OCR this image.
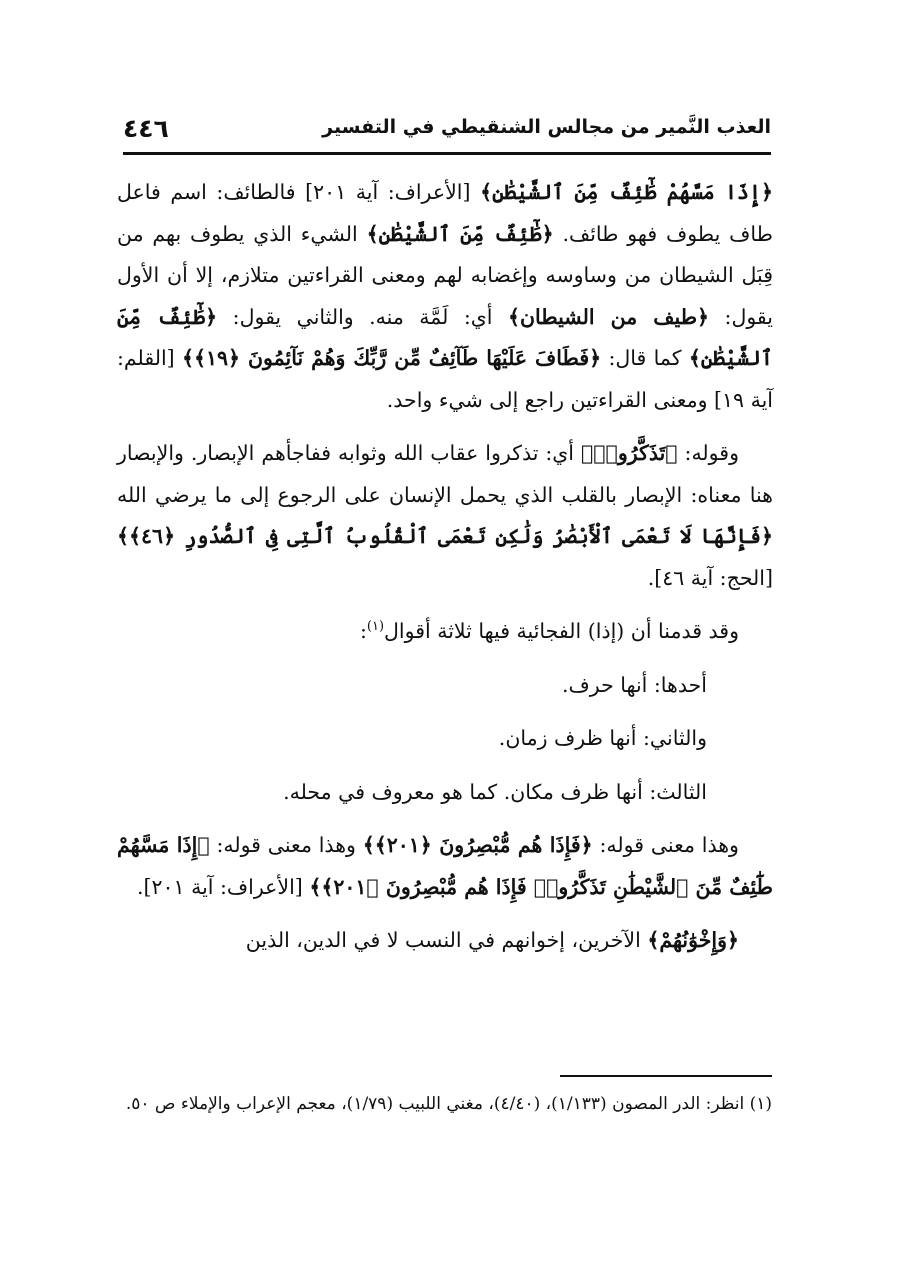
٤٤٦	العذب النَّمير من مجالس الشنقيطي في التفسير

﴿إِذَا مَسَّهُمْ طَٰٓئِفٌ مِّنَ ٱلشَّيْطَٰنِ﴾ [الأعراف: آية ٢٠١] فالطائف: اسم فاعل طاف يطوف فهو طائف. ﴿طَٰٓئِفٌ مِّنَ ٱلشَّيْطَٰنِ﴾ الشيء الذي يطوف بهم من قِبَل الشيطان من وساوسه وإغضابه لهم ومعنى القراءتين متلازم، إلا أن الأول يقول: ﴿طيف من الشيطان﴾ أي: لَمَّة منه. والثاني يقول: ﴿طَٰٓئِفٌ مِّنَ ٱلشَّيْطَٰنِ﴾ كما قال: ﴿فَطَافَ عَلَيْهَا طَآئِفٌ مِّن رَّبِّكَ وَهُمْ نَآئِمُونَ ﴿١٩﴾﴾ [القلم: آية ١٩] ومعنى القراءتين راجع إلى شيء واحد.

وقوله: ﴿تَذَكَّرُوا۟﴾ أي: تذكروا عقاب الله وثوابه ففاجأهم الإبصار. والإبصار هنا معناه: الإبصار بالقلب الذي يحمل الإنسان على الرجوع إلى ما يرضي الله ﴿فَإِنَّهَا لَا تَعْمَى ٱلْأَبْصَٰرُ وَلَٰكِن تَعْمَى ٱلْقُلُوبُ ٱلَّتِى فِى ٱلصُّدُورِ ﴿٤٦﴾﴾ [الحج: آية ٤٦].

وقد قدمنا أن (إذا) الفجائية فيها ثلاثة أقوال$^{(١)}$:

أحدها: أنها حرف.

والثاني: أنها ظرف زمان.

الثالث: أنها ظرف مكان. كما هو معروف في محله.

وهذا معنى قوله: ﴿فَإِذَا هُم مُّبْصِرُونَ ﴿٢٠١﴾﴾ وهذا معنى قوله: ﴿إِذَا مَسَّهُمْ طَٰٓئِفٌ مِّنَ ٱلشَّيْطَٰنِ تَذَكَّرُوا۟ فَإِذَا هُم مُّبْصِرُونَ ﴿٢٠١﴾﴾ [الأعراف: آية ٢٠١].

﴿وَإِخْوَٰنُهُمْ﴾ الآخرين، إخوانهم في النسب لا في الدين، الذين

(١) انظر: الدر المصون (١/١٣٣)، (٤/٤٠)، مغني اللبيب (١/٧٩)، معجم الإعراب والإملاء ص ٥٠.
